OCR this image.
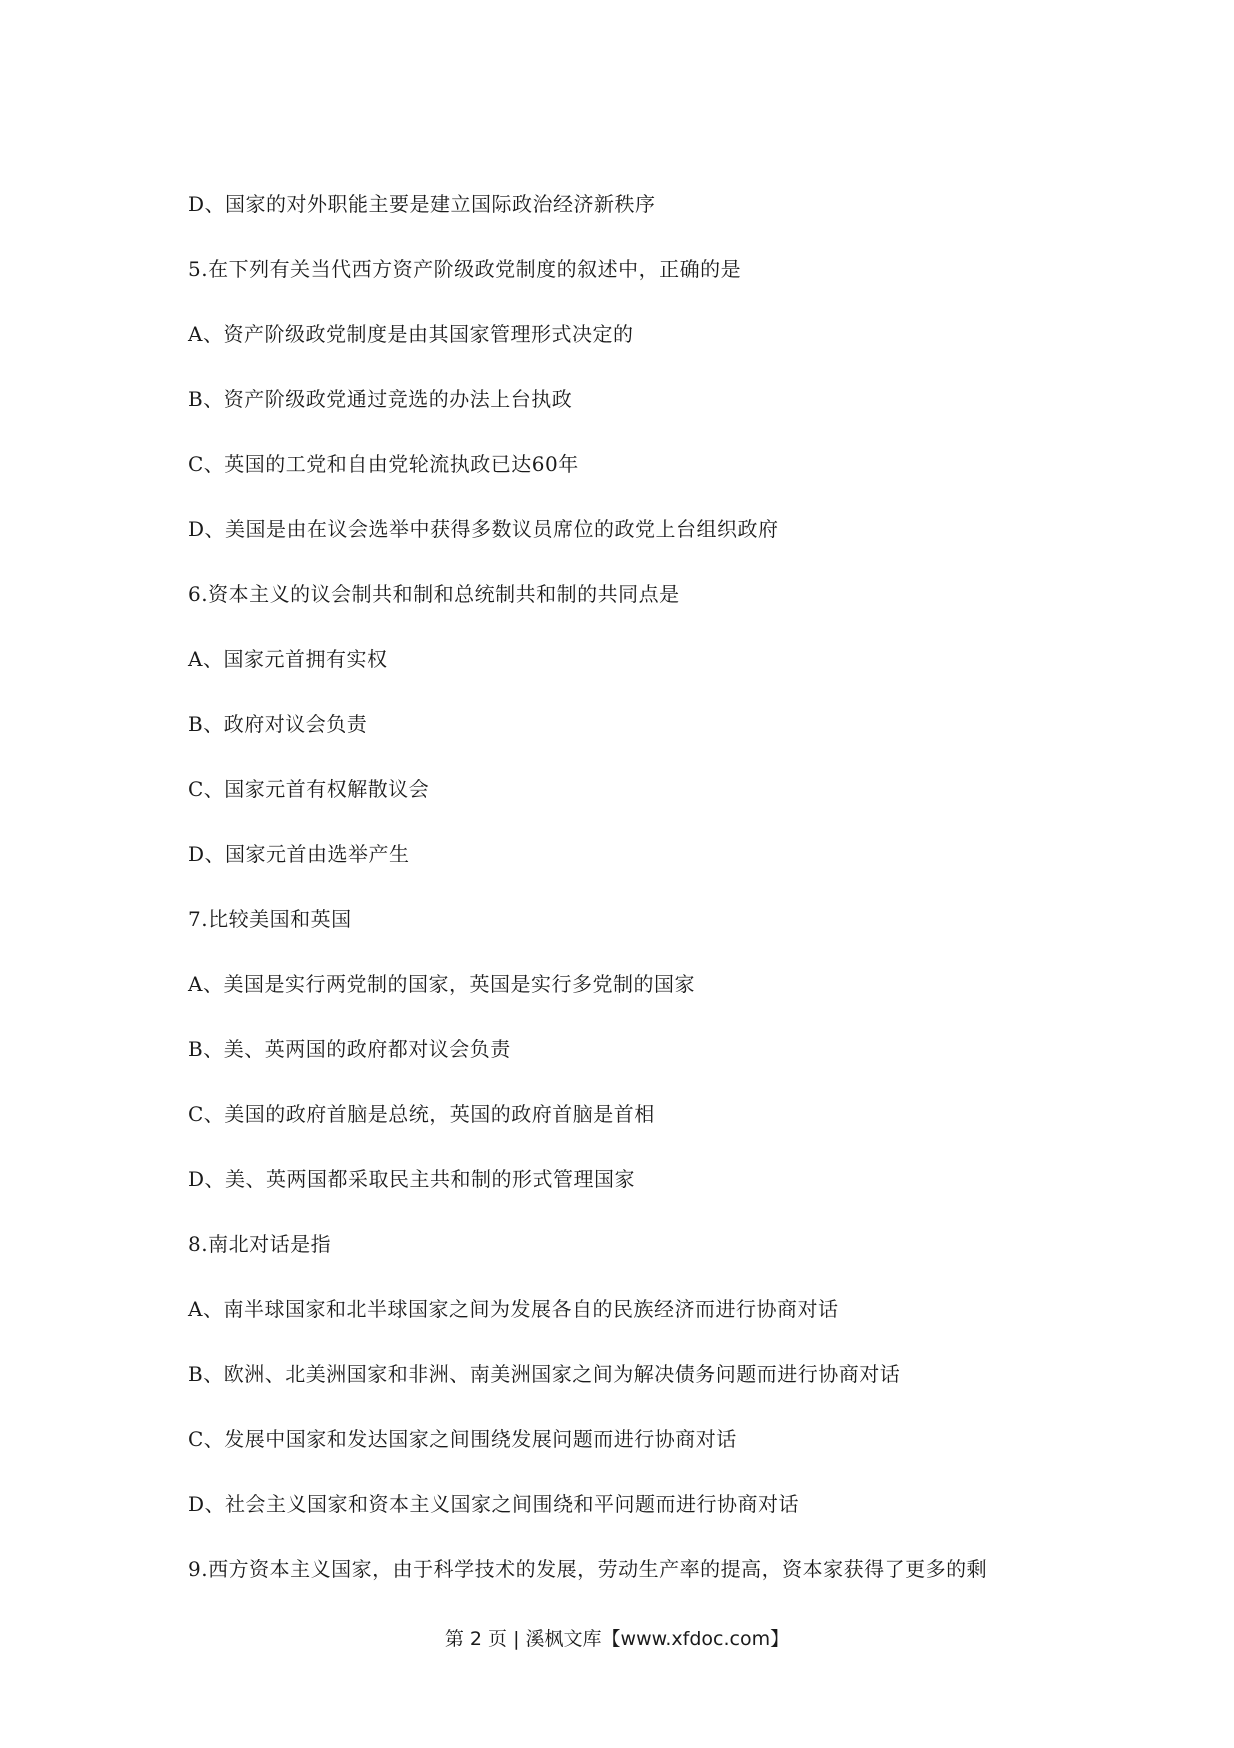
D、国家的对外职能主要是建立国际政治经济新秩序
5.在下列有关当代西方资产阶级政党制度的叙述中，正确的是
A、资产阶级政党制度是由其国家管理形式决定的
B、资产阶级政党通过竞选的办法上台执政
C、英国的工党和自由党轮流执政已达60年
D、美国是由在议会选举中获得多数议员席位的政党上台组织政府
6.资本主义的议会制共和制和总统制共和制的共同点是
A、国家元首拥有实权
B、政府对议会负责
C、国家元首有权解散议会
D、国家元首由选举产生
7.比较美国和英国
A、美国是实行两党制的国家，英国是实行多党制的国家
B、美、英两国的政府都对议会负责
C、美国的政府首脑是总统，英国的政府首脑是首相
D、美、英两国都采取民主共和制的形式管理国家
8.南北对话是指
A、南半球国家和北半球国家之间为发展各自的民族经济而进行协商对话
B、欧洲、北美洲国家和非洲、南美洲国家之间为解决债务问题而进行协商对话
C、发展中国家和发达国家之间围绕发展问题而进行协商对话
D、社会主义国家和资本主义国家之间围绕和平问题而进行协商对话
9.西方资本主义国家，由于科学技术的发展，劳动生产率的提高，资本家获得了更多的剩
第 2 页 | 溪枫文库【www.xfdoc.com】
